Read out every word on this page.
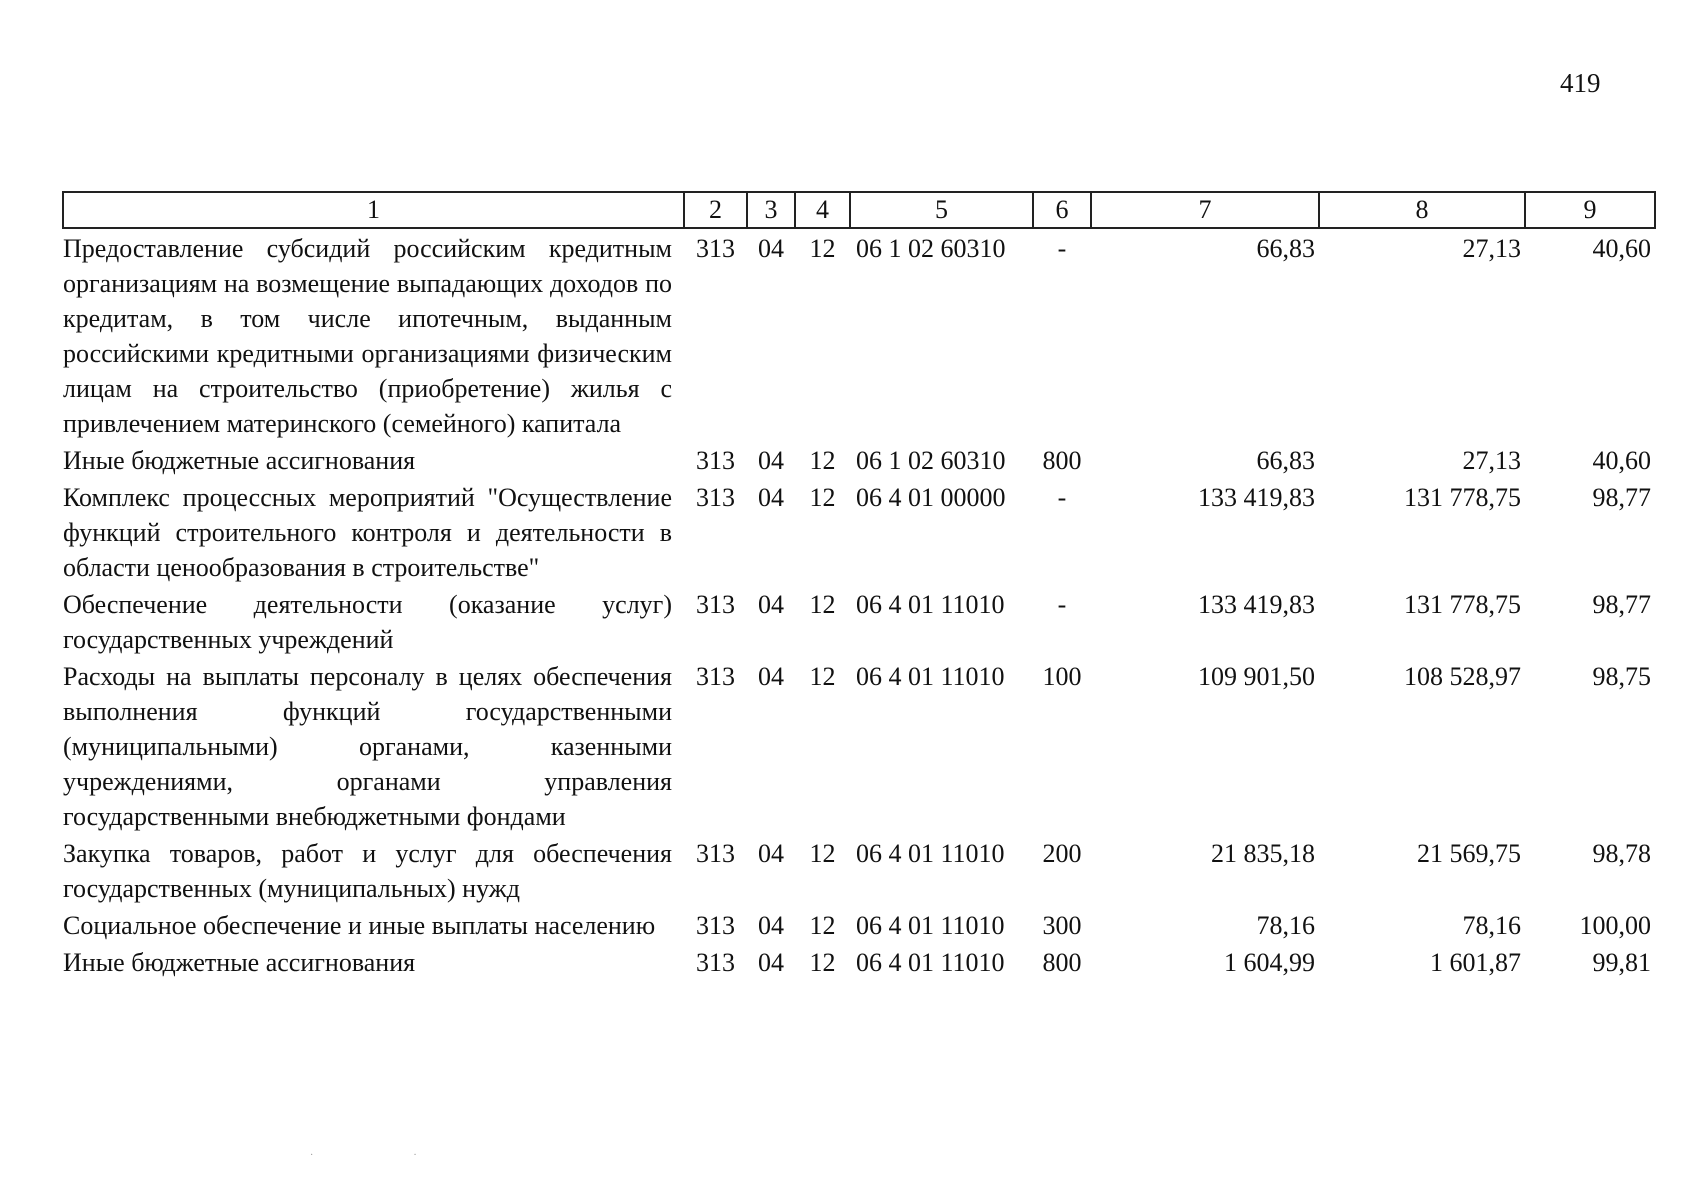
419
1	2	3	4	5	6	7	8	9
Предоставление субсидий российским кредитным организациям на возмещение выпадающих доходов по кредитам, в том числе ипотечным, выданным российскими кредитными организациями физическим лицам на строительство (приобретение) жилья с привлечением материнского (семейного) капитала	313	04	12	06 1 02 60310	-	66,83	27,13	40,60
Иные бюджетные ассигнования	313	04	12	06 1 02 60310	800	66,83	27,13	40,60
Комплекс процессных мероприятий "Осуществление функций строительного контроля и деятельности в области ценообразования в строительстве"	313	04	12	06 4 01 00000	-	133 419,83	131 778,75	98,77
Обеспечение деятельности (оказание услуг) государственных учреждений	313	04	12	06 4 01 11010	-	133 419,83	131 778,75	98,77
Расходы на выплаты персоналу в целях обеспечения выполнения функций государственными (муниципальными) органами, казенными учреждениями, органами управления государственными внебюджетными фондами	313	04	12	06 4 01 11010	100	109 901,50	108 528,97	98,75
Закупка товаров, работ и услуг для обеспечения государственных (муниципальных) нужд	313	04	12	06 4 01 11010	200	21 835,18	21 569,75	98,78
Социальное обеспечение и иные выплаты населению	313	04	12	06 4 01 11010	300	78,16	78,16	100,00
Иные бюджетные ассигнования	313	04	12	06 4 01 11010	800	1 604,99	1 601,87	99,81
·                                        ·
